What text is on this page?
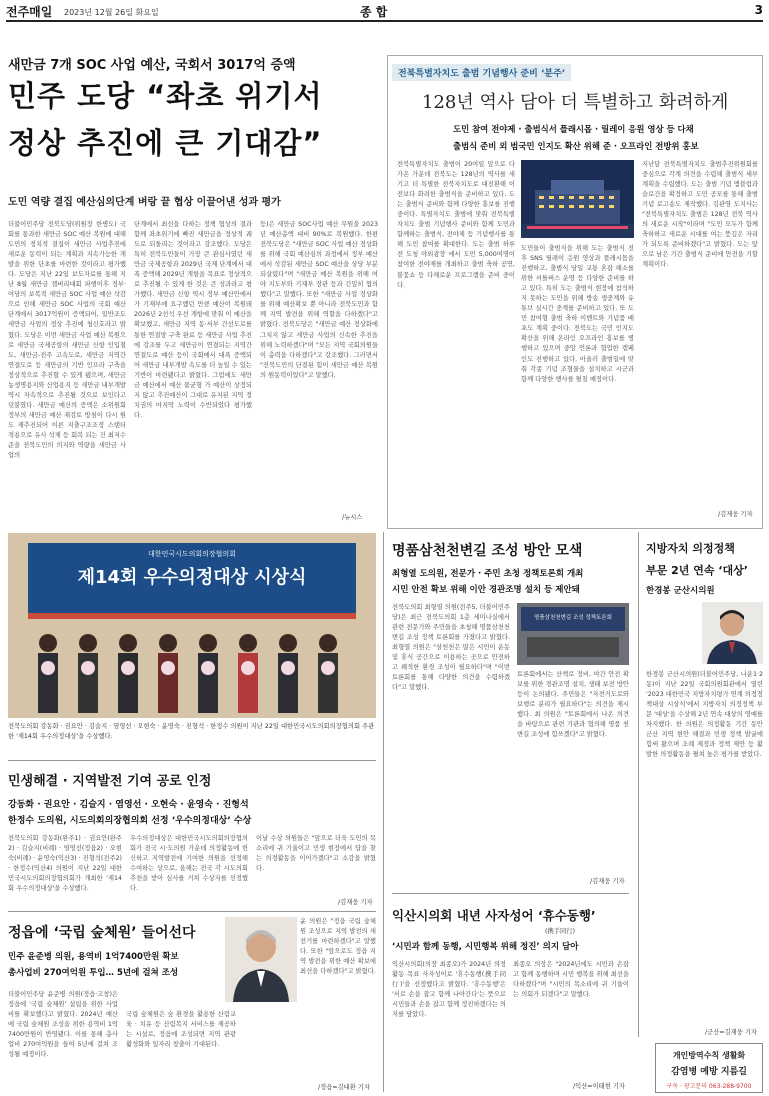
전주매일 2023년 12월 26일 화요일	종 합	3
새만금 7개 SOC 사업 예산, 국회서 3017억 증액
민주 도당 “좌초 위기서
정상 추진에 큰 기대감”
도민 역량 결집 예산심의단계 벼랑 끝 협상 이끌어낸 성과 평가
더불어민주당 전북도당(위원장 한병도) 국회를 통과한 새만금 SOC 예산 복원에 대해 도민의 정치적 결집이 새만금 사업추진에 새로운 동력이 되는 계획과 지속가능한 개발을 위한 단초를 마련한 것이라고 평가했다. 도당은 지난 22일 보도자료를 통해 지난 8월 새만금 잼버리대회 파행이후 정부·여당의 보복적 새만금 SOC 사업 예산 삭감으로 인해 새만금 SOC 사업의 국회 예산 단계에서 3017억원이 증액되어, 일반조도 새만금 사업의 정상 추진에 청신호라고 밝혔다. 도당은 이번 새만금 사업 예산 복원으로 새만금 국제공항의 새만금 신항 인입철도, 새만금-전주 고속도로, 새만금 지역간 연결도로 등 새만금의 기반 인프라 구축을 정상적으로 추진할 수 있게 됐으며, 새만금 농생명용지와 산업용지 등 새만금 내부개발 역시 자속적으로 추진될 것으로 보인다고 덧붙였다. 새만금 예산의 증액은 소위원회 정부의 새만금 예산 재검토 방침이 다시 원도 재추진되어 이른 지출구조조정 스탠더 적용으로 유사 삭제 등 회복 되는 건 최저수준을 전북도민의 의지와 역량을 새만금 사업의
단계에서 최선을 다하는 정책 협상의 결과 함께 좌초위기에 빠진 새만금을 정상적 궤도로 되돌리는 것이라고 강조했다. 도당은 특히 전북도민들이 가장 큰 관심사였던 새만금 국제공항과 2029년 국제 단계에서 대폭 증액해 2029년 개항을 목표로 정상적으로 추진될 수 있게 한 것은 큰 성과라고 평가했다. 새만금 신항 역시 정부 예산안에서 가 기재부에 요구했던 만큼 예산이 복원돼 2026년 2선석 우선 개항에 맞춰 이 예산을 확보했고, 새만금 지역 동·서부 간선도로를 통한 연결망 구축 완료 등 새만금 사업 추진에 강조를 두고 새만금이 연결되는 지역간 연결도로 예산 등이 국회에서 대폭 증액되어 새만금 내부개발 속도를 더 높일 수 있는 기반이 마련됐다고 밝혔다. 그럼에도 새만금 예산에서 예산 불균형 가 예산이 상정되지 않고 추진예산이 그대로 유지된 지역 정치권의 마지막 노력이 수반되었다 평가했다.
등)은 새만금 SOC사업 예산 무원을 2023년 예산총액 대비 90%로 복원했다. 한편 전북도당은 "새만금 SOC 사업 예산 정상화를 위해 국회 예산심의 과정에서 정부 예산에서 삭감된 새만금 SOC 예산을 상당 부분 되살렸다"며 "새만금 예산 복원을 위해 여야 지도부와 기재부 장관 등과 긴밀히 협의했다"고 말했다. 또한 "새만금 사업 정상화를 위해 예산확보 뿐 아니라 전북도민과 함께 지역 발전을 위해 역할을 다하겠다"고 밝혔다. 전북도당은 "새만금 예산 정상화에 그치지 않고 새만금 사업의 신속한 추진을 위해 노력하겠다"며 "모든 지역 국회의원들이 총력을 다하겠다"고 강조했다. 그러면서 "전북도민의 단결된 힘이 새만금 예산 복원의 원동력이었다"고 말했다.
/뉴시스
전북특별자치도 출범 기념행사 준비 ‘분주’
128년 역사 담아 더 특별하고 화려하게
도민 참여 전야제 · 출범식서 플래시몹 · 릴레이 응원 영상 등 다채
출범식 준비 외 범국민 인지도 확산 위해 준 · 오프라인 전방위 홍보
전북특별자치도 출범이 20여일 앞으로 다가온 가운데 전북도는 128년의 역사를 새기고 더 특별한 전북자치도로 대전환해 이전보다 화려한 출범식을 준비하고 있다. 도는 출범식 준비와 함께 다양한 홍보를 진행 중이다. 특별자치도 출범에 맞춰 전북특별자치도 출범 기념행사 준비와 함께 도민과 함께하는 출범식, 전야제 등 기념행사를 통해 도민 참여를 확대한다. 도는 출범 하루 전 도청 야외광장 에서 도민 5,000여명이 참여한 전야제를 개최하고 출범 축하 공연, 불꽃쇼 등 다채로운 프로그램을 준비 중이다.
도민들이 출범식을 위해 도는 출범식 전후 SNS 릴레이 응원 영상과 플래시몹을 진행하고, 출범식 당일 교통 혼잡 해소를 위한 셔틀버스 운영 등 다양한 준비를 하고 있다. 특히 도는 출범식 현장에 참석하지 못하는 도민을 위해 방송 생중계와 유튜브 실시간 중계를 준비하고 있다. 또 도민 참여형 출범 축하 이벤트와 기념품 배포도 계획 중이다. 전북도는 국민 인지도 확산을 위해 온라인 오프라인 홍보를 병행하고 있으며 중앙 언론과 협업한 캠페인도 진행하고 있다. 아울러 출범일에 맞춰 각종 기념 조형물을 설치하고 시군과 함께 다양한 행사를 펼칠 예정이다.
지난달 전북특별자치도 출범추진위원회를 중심으로 각계 의견을 수렴해 출범식 세부 계획을 수립했다. 도는 출범 기념 엠블럼과 슬로건을 확정하고 도민 공모를 통해 출범 기념 로고송도 제작했다. 김관영 도지사는 "전북특별자치도 출범은 128년 전북 역사의 새로운 시작"이라며 "도민 모두가 함께 축하하고 새로운 시대를 여는 뜻깊은 자리가 되도록 준비하겠다"고 밝혔다. 도는 앞으로 남은 기간 출범식 준비에 만전을 기할 계획이다.
/김재웅 기자
대한민국시도의회의장협의회
제14회 우수의정대상 시상식
전북도의회 강동화 · 권요안 · 김슬지 · 염영선 · 오현숙 · 윤영숙 · 진형석 · 한정수 의원이 지난 22일 대한민국시도의회의장협의회 주관한 '제14회 우수의정대상'을 수상했다.
민생해결 · 지역발전 기여 공로 인정
강동화 · 권요안 · 김슬지 · 염영선 · 오현숙 · 윤영숙 · 진형석
한정수 도의원, 시도의회의장협의회 선정 ‘우수의정대상’ 수상
전북도의회 강동화(완주1) · 권요안(완주2) · 김슬지(비례) · 염영선(정읍2) · 오현숙(비례) · 윤영숙(익산3) · 진형석(전주2) · 한정수(익산4) 의원이 지난 22일 대한민국시도의회의장협의회가 개최한 '제14회 우수의정대상'을 수상했다.
우수의정대상은 대한민국시도의회의장협의회가 전국 시·도의원 가운데 의정활동에 헌신하고 지역발전에 기여한 의원을 선정해 수여하는 상으로, 올해는 전국 각 시도의회 추천을 받아 심사를 거쳐 수상자를 선정했다.
이날 수상 의원들은 "앞으로 더욱 도민의 목소리에 귀 기울이고 민생 현장에서 답을 찾는 의정활동을 이어가겠다"고 소감을 밝혔다.
/김재웅 기자
정읍에 ‘국립 숲체원’ 들어선다
민주 윤준병 의원, 용역비 1억7400만원 확보
총사업비 270여억원 투입… 5년에 걸쳐 조성
윤 의원은 "정읍 국립 숲체원 조성으로 지역 발전의 새 전기를 마련하겠다"고 말했다. 또한 "앞으로도 정읍 지역 발전을 위한 예산 확보에 최선을 다하겠다"고 밝혔다.
더불어민주당 윤준병 의원(정읍·고창)은 정읍에 '국립 숲체원' 설립을 위한 사업비를 확보했다고 밝혔다. 2024년 예산에 국립 숲체원 조성을 위한 용역비 1억7400만원이 반영됐다. 이를 통해 총사업비 270여억원을 들여 5년에 걸쳐 조성될 예정이다.
국립 숲체원은 숲 환경을 활용한 산림교육 · 치유 등 산림복지 서비스를 제공하는 시설로, 정읍에 조성되면 지역 관광 활성화와 일자리 창출이 기대된다.
/정읍=김대환 기자
명품삼천천변길 조성 방안 모색
최형열 도의원, 전문가 · 주민 초청 정책토론회 개최
시민 안전 확보 위해 이안 경관조명 설치 등 제안돼
전북도의회 최형열 의원(전주5, 더불어민주당)은 최근 전북도의회 1층 세미나실에서 관련 전문가와 주민들을 초청해 명품삼천천변길 조성 정책 토론회를 가졌다고 밝혔다. 최형열 의원은 "삼천천은 많은 시민이 운동 및 휴식 공간으로 이용하는 곳으로 안전하고 쾌적한 환경 조성이 필요하다"며 "이번 토론회를 통해 다양한 의견을 수렴하겠다"고 말했다.
명품삼천천변길 조성 정책토론회
토론회에서는 산책로 정비, 야간 안전 확보를 위한 경관조명 설치, 생태 보전 방안 등이 논의됐다. 주민들은 "자전거도로와 보행로 분리가 필요하다"는 의견을 제시했다. 최 의원은 "토론회에서 나온 의견을 바탕으로 관련 기관과 협의해 명품 천변길 조성에 힘쓰겠다"고 밝혔다.
/김재웅 기자
익산시의회 내년 사자성어 ‘휴수동행’
(携手同行)
‘시민과 함께 동행, 시민행복 위해 정진’ 의지 담아
익산시의회(의장 최종오)가 2024년 의정활동 목표 사자성어로 '휴수동행(携手同行)'을 선정했다고 밝혔다. '휴수동행'은 '서로 손을 잡고 함께 나아간다'는 뜻으로 시민들과 손을 잡고 함께 정진하겠다는 의지를 담았다.
최종오 의장은 "2024년에도 시민과 손잡고 함께 동행하며 시민 행복을 위해 최선을 다하겠다"며 "시민의 목소리에 귀 기울이는 의회가 되겠다"고 말했다.
/익산=이태현 기자
지방자치 의정정책
부문 2년 연속 ‘대상’
한경봉 군산시의원
한경봉 군산시의원(더불어민주당, 나운1·2동)이 지난 22일 국회의원회관에서 열린 '2023 대한민국 지방자치평가 연계 의정정책대상 시상식'에서 지방자치 의정정책 부문 '대상'을 수상해 2년 연속 대상의 영예를 차지했다. 한 의원은 의정활동 기간 동안 군산 지역 현안 해결과 민생 정책 발굴에 힘써 왔으며 조례 제정과 정책 제안 등 활발한 의정활동을 펼쳐 높은 평가를 받았다.
/군산=김재웅 기자
개인방역수칙 생활화
감염병 예방 지름길
구독 · 광고문의 063-288-9700
